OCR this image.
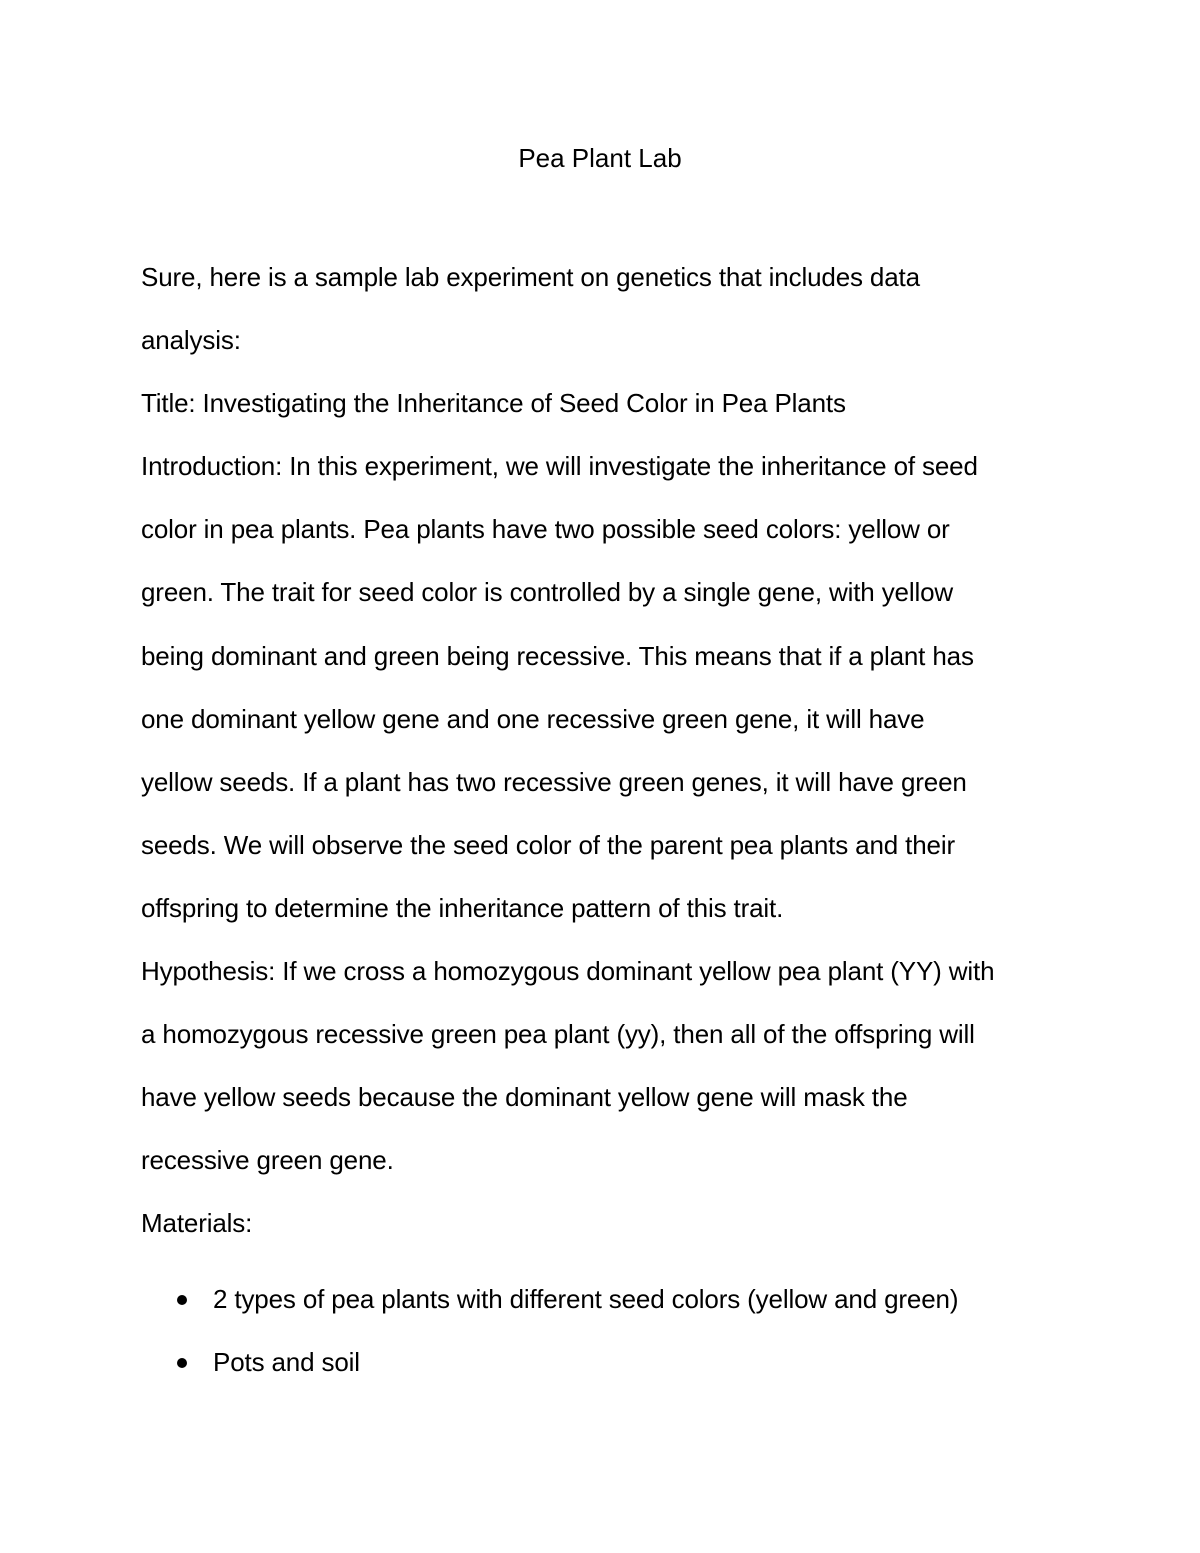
Pea Plant Lab
Sure, here is a sample lab experiment on genetics that includes data
analysis:
Title: Investigating the Inheritance of Seed Color in Pea Plants
Introduction: In this experiment, we will investigate the inheritance of seed
color in pea plants. Pea plants have two possible seed colors: yellow or
green. The trait for seed color is controlled by a single gene, with yellow
being dominant and green being recessive. This means that if a plant has
one dominant yellow gene and one recessive green gene, it will have
yellow seeds. If a plant has two recessive green genes, it will have green
seeds. We will observe the seed color of the parent pea plants and their
offspring to determine the inheritance pattern of this trait.
Hypothesis: If we cross a homozygous dominant yellow pea plant (YY) with
a homozygous recessive green pea plant (yy), then all of the offspring will
have yellow seeds because the dominant yellow gene will mask the
recessive green gene.
Materials:
2 types of pea plants with different seed colors (yellow and green)
Pots and soil
